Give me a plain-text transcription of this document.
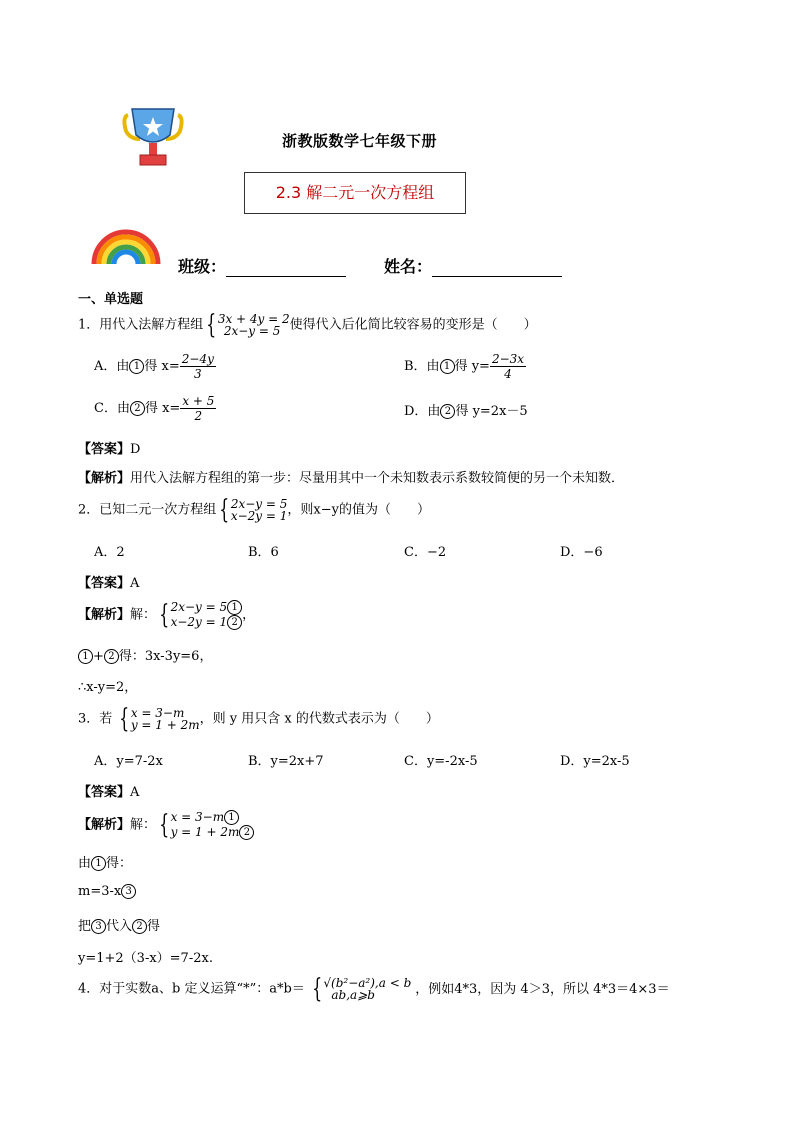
浙教版数学七年级下册
2.3 解二元一次方程组
班级：	姓名：
一、单选题
1．用代入法解方程组 { 3x + 4y = 2
2x−y = 5 使得代入后化简比较容易的变形是（　　）
A．由 1 得 $x= \frac{2-4y}{3}$	B．由 1 得 $y= \frac{2-3x}{4}$
C．由 2 得 $x= \frac{x + 5}{2}$	D．由 2 得 y=2x－5
【答案】D
【解析】用代入法解方程组的第一步：尽量用其中一个未知数表示系数较简便的另一个未知数．
2．已知二元一次方程组 { 2x−y = 5
x−2y = 1 ，则x−y的值为（　　）
A．2	B．6	C．−2	D．−6
【答案】A
【解析】解： { 2x−y = 5 1
x−2y = 1 2 ，
1 + 2 得：3x-3y=6，
∴x-y=2，
3．若 { x = 3−m
y = 1 + 2m ，则 y 用只含 x 的代数式表示为（　　）
A．y=7-2x	B．y=2x+7	C．y=-2x-5	D．y=2x-5
【答案】A
【解析】解： { x = 3−m 1
y = 1 + 2m 2
由 1 得：
m=3-x 3
把 3 代入 2 得
y=1+2（3-x）=7-2x.
4．对于实数a、b 定义运算“*”：a*b＝ { √(b²−a²),a < b
ab,a⩾b	，例如4*3，因为 4＞3，所以 4*3＝4×3＝
